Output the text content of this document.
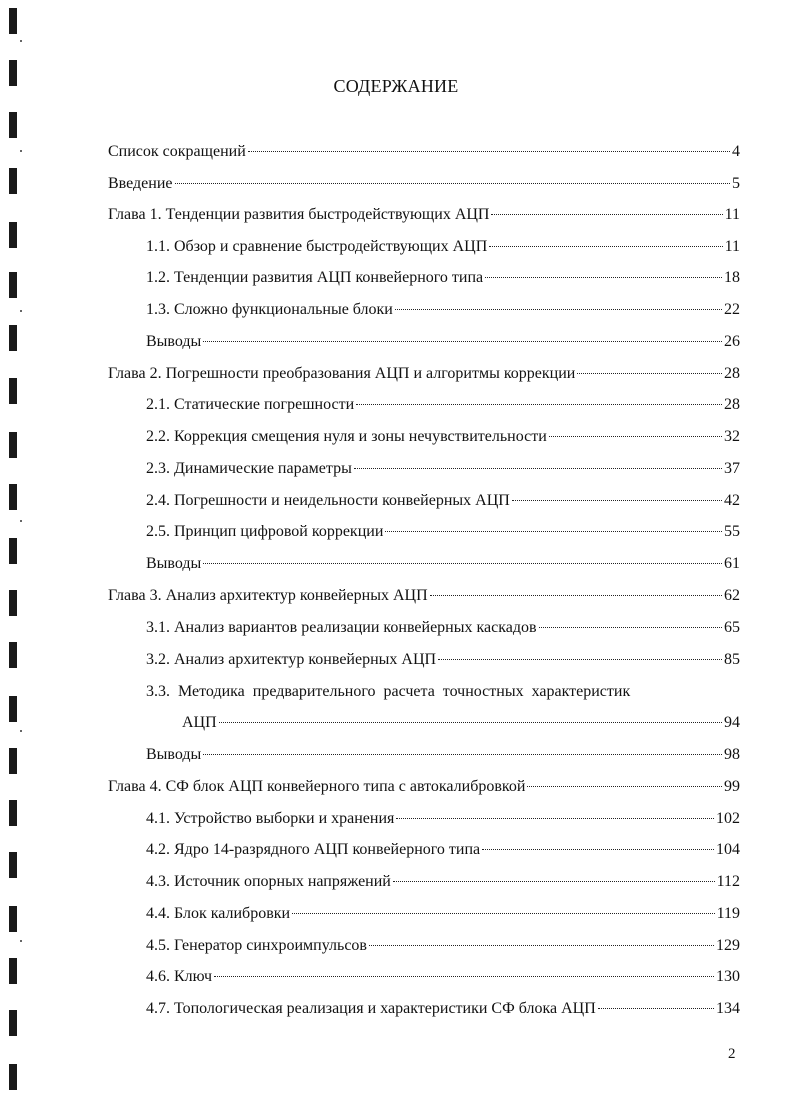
СОДЕРЖАНИЕ
Список сокращений	4
Введение	5
Глава 1. Тенденции развития быстродействующих АЦП	11
1.1. Обзор и сравнение быстродействующих АЦП	11
1.2. Тенденции развития АЦП конвейерного типа	18
1.3. Сложно функциональные блоки	22
Выводы	26
Глава 2. Погрешности преобразования АЦП и алгоритмы коррекции	28
2.1. Статические погрешности	28
2.2. Коррекция смещения нуля и зоны нечувствительности	32
2.3. Динамические параметры	37
2.4. Погрешности и неидельности конвейерных АЦП	42
2.5. Принцип цифровой коррекции	55
Выводы	61
Глава 3. Анализ архитектур конвейерных АЦП	62
3.1. Анализ вариантов реализации конвейерных каскадов	65
3.2. Анализ архитектур конвейерных АЦП	85
3.3. Методика предварительного расчета точностных характеристик
АЦП	94
Выводы	98
Глава 4. СФ блок АЦП конвейерного типа с автокалибровкой	99
4.1. Устройство выборки и хранения	102
4.2. Ядро 14-разрядного АЦП конвейерного типа	104
4.3. Источник опорных напряжений	112
4.4. Блок калибровки	119
4.5. Генератор синхроимпульсов	129
4.6. Ключ	130
4.7. Топологическая реализация и характеристики СФ блока АЦП	134
2
